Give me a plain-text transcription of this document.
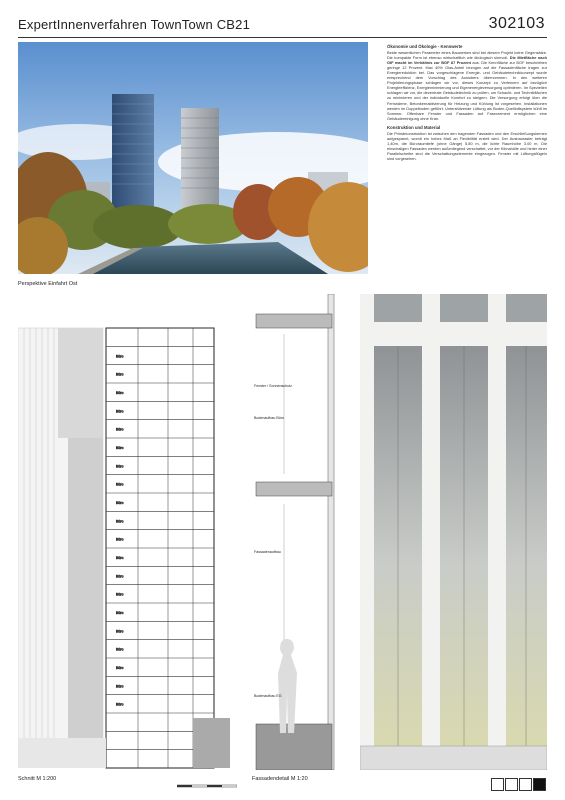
ExpertInnenverfahren TownTown CB21	302103
Perspektive Einfahrt Ost
Ökonomie und Ökologie - Kennwerte

Beide wesentlichen Parameter eines Bauwerkes sind bei diesem Projekt keine Gegensätze. Die kompakte Form ist ebenso wirtschaftlich wie ökologisch sinnvoll. Die Mietfläche nach GIF macht im Verhältnis zur BGF 87 Prozent aus. Die Kennfläche zur BGF beschrieben geringe 12 Prozent. Max 40% Glas-Anteil bezogen auf die Fassadenfläche tragen zur Energiereduktion bei. Das vorgeschlagene Energie- und Gebäudetechnikkonzept wurde entsprechend dem Vorschlag des Auslobers übernommen. In den weiteren Projektierungsphase schlagen wir vor, dieses Konzept zu Verfeinern auf bezüglich Energieeffizienz, Exergieminimierung und Eigenenergieversorgung optimieren. Im Speziellen schlagen wir vor, die dezentrale Gebäudetechnik zu prüfen, um Schacht- und Technikflächen zu minimieren und der individuelle Komfort zu steigern. Die Versorgung erfolgt über die Fernwärme, Betonkernaktivierung für Heizung und Kühlung ist vorgesehen. Installationen werden im Doppelboden geführt. Unterstützende Lüftung als Boden-Quellluftsystem kühlt im Sommer. Offenbare Fenster und Fassaden auf Faserzement ermöglichen eine Gebäudereinigung ohne Kran.

Konstruktion und Material

Die Primärkonstruktion ist zwischen den tragenden Fassaden und den Erschließungskernen aufgespannt, womit ein hohes Maß an Flexibilität erzielt wird. Der Ausbauraster beträgt 1,40m, die Büroraumtiefe (ohne Gänge) 5.80 m, die lichte Raumhöhe 3.00 m. Die einschaligen Fassaden werden außenliegend verschattet, vor der Klimahülle und hinter einer Parallelscheibe sind die Verschattungselemente eingezogen. Fenster mit Lüftungsflügeln sind vorgesehen.

Büro
Büro
Büro
Büro
Büro
Büro
Büro
Büro
Büro
Büro
Büro
Büro
Büro
Büro
Büro
Büro
Büro
Büro
Büro
Büro
Schnitt M 1:200
Fenster / Sonnenschutz
Bodenaufbau Büro
Fassadenaufbau
Bodenaufbau EG
Fassadendetail M 1:20
